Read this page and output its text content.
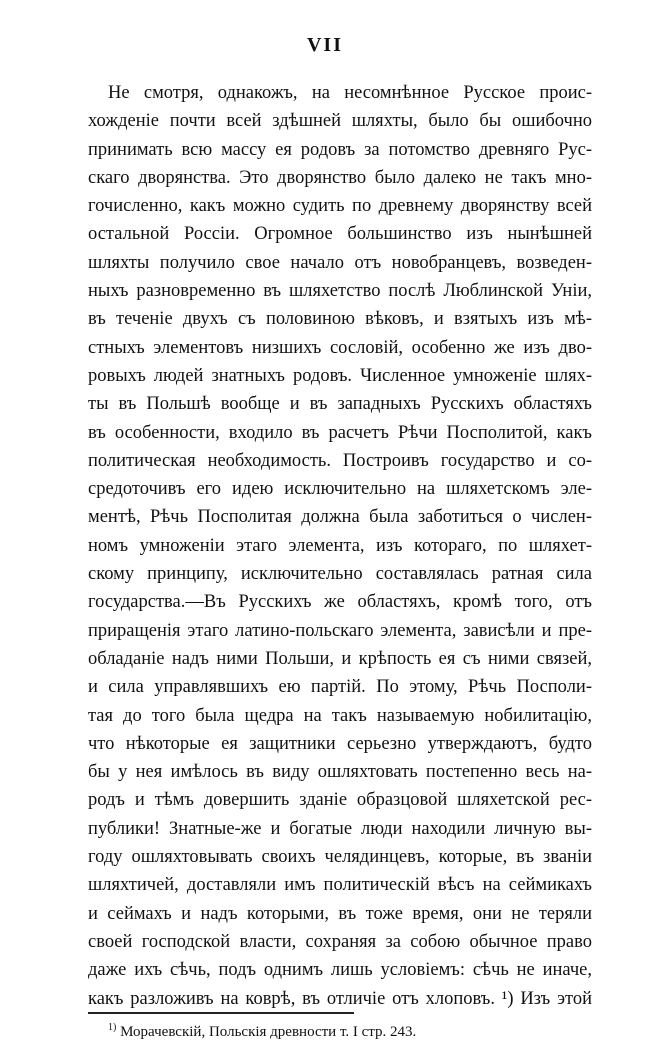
VII
Не смотря, однакожъ, на несомнѣнное Русское проис-
хожденіе почти всей здѣшней шляхты, было бы ошибочно
принимать всю массу ея родовъ за потомство древняго Рус-
скаго дворянства. Это дворянство было далеко не такъ мно-
гочисленно, какъ можно судить по древнему дворянству всей
остальной Россіи. Огромное большинство изъ нынѣшней
шляхты получило свое начало отъ новобранцевъ, возведен-
ныхъ разновременно въ шляхетство послѣ Люблинской Уніи,
въ теченіе двухъ съ половиною вѣковъ, и взятыхъ изъ мѣ-
стныхъ элементовъ низшихъ сословій, особенно же изъ дво-
ровыхъ людей знатныхъ родовъ. Численное умноженіе шлях-
ты въ Польшѣ вообще и въ западныхъ Русскихъ областяхъ
въ особенности, входило въ расчетъ Рѣчи Посполитой, какъ
политическая необходимость. Построивъ государство и со-
средоточивъ его идею исключительно на шляхетскомъ эле-
ментѣ, Рѣчь Посполитая должна была заботиться о числен-
номъ умноженіи этаго элемента, изъ котораго, по шляхет-
скому принципу, исключительно составлялась ратная сила
государства.—Въ Русскихъ же областяхъ, кромѣ того, отъ
приращенія этаго латино-польскаго элемента, зависѣли и пре-
обладаніе надъ ними Польши, и крѣпость ея съ ними связей,
и сила управлявшихъ ею партій. По этому, Рѣчь Посполи-
тая до того была щедра на такъ называемую нобилитацію,
что нѣкоторые ея защитники серьезно утверждаютъ, будто
бы у нея имѣлось въ виду ошляхтовать постепенно весь на-
родъ и тѣмъ довершить зданіе образцовой шляхетской рес-
публики! Знатные-же и богатые люди находили личную вы-
году ошляхтовывать своихъ челядинцевъ, которые, въ званіи
шляхтичей, доставляли имъ политическій вѣсъ на сеймикахъ
и сеймахъ и надъ которыми, въ тоже время, они не теряли
своей господской власти, сохраняя за собою обычное право
даже ихъ сѣчь, подъ однимъ лишь условіемъ: сѣчь не иначе,
какъ разложивъ на коврѣ, въ отличіе отъ хлоповъ. ¹) Изъ этой
$^{1)}$ Морачевскій, Польскія древности т. I стр. 243.
